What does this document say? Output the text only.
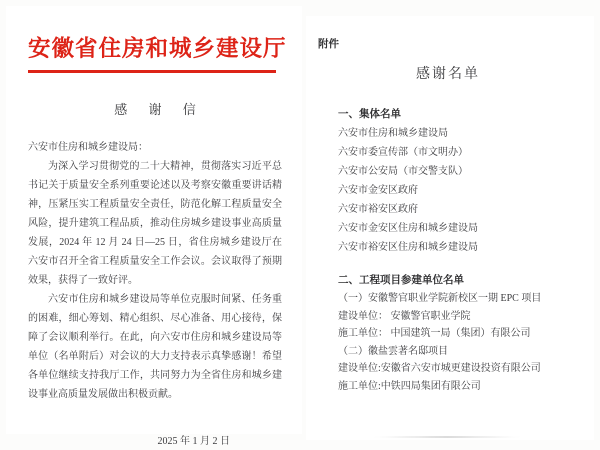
安徽省住房和城乡建设厅
感 谢 信

六安市住房和城乡建设局：

为深入学习贯彻党的二十大精神，贯彻落实习近平总书记关于质量安全系列重要论述以及考察安徽重要讲话精神，压紧压实工程质量安全责任，防范化解工程质量安全风险，提升建筑工程品质，推动住房城乡建设事业高质量发展，2024 年 12 月 24 日—25 日，省住房城乡建设厅在六安市召开全省工程质量安全工作会议。会议取得了预期效果，获得了一致好评。

六安市住房和城乡建设局等单位克服时间紧、任务重的困难，细心筹划、精心组织、尽心准备、用心接待，保障了会议顺利举行。在此，向六安市住房和城乡建设局等单位（名单附后）对会议的大力支持表示真挚感谢！希望各单位继续支持我厅工作，共同努力为全省住房和城乡建设事业高质量发展做出积极贡献。

2025 年 1 月 2 日
附件
感谢名单
一、集体名单
六安市住房和城乡建设局
六安市委宣传部（市文明办）
六安市公安局（市交警支队）
六安市金安区政府
六安市裕安区政府
六安市金安区住房和城乡建设局
六安市裕安区住房和城乡建设局
二、工程项目参建单位名单
（一）安徽警官职业学院新校区一期 EPC 项目
建设单位： 安徽警官职业学院
施工单位： 中国建筑一局（集团）有限公司
（二）徽盐雲著名邸项目
建设单位:安徽省六安市城更建设投资有限公司
施工单位:中铁四局集团有限公司
